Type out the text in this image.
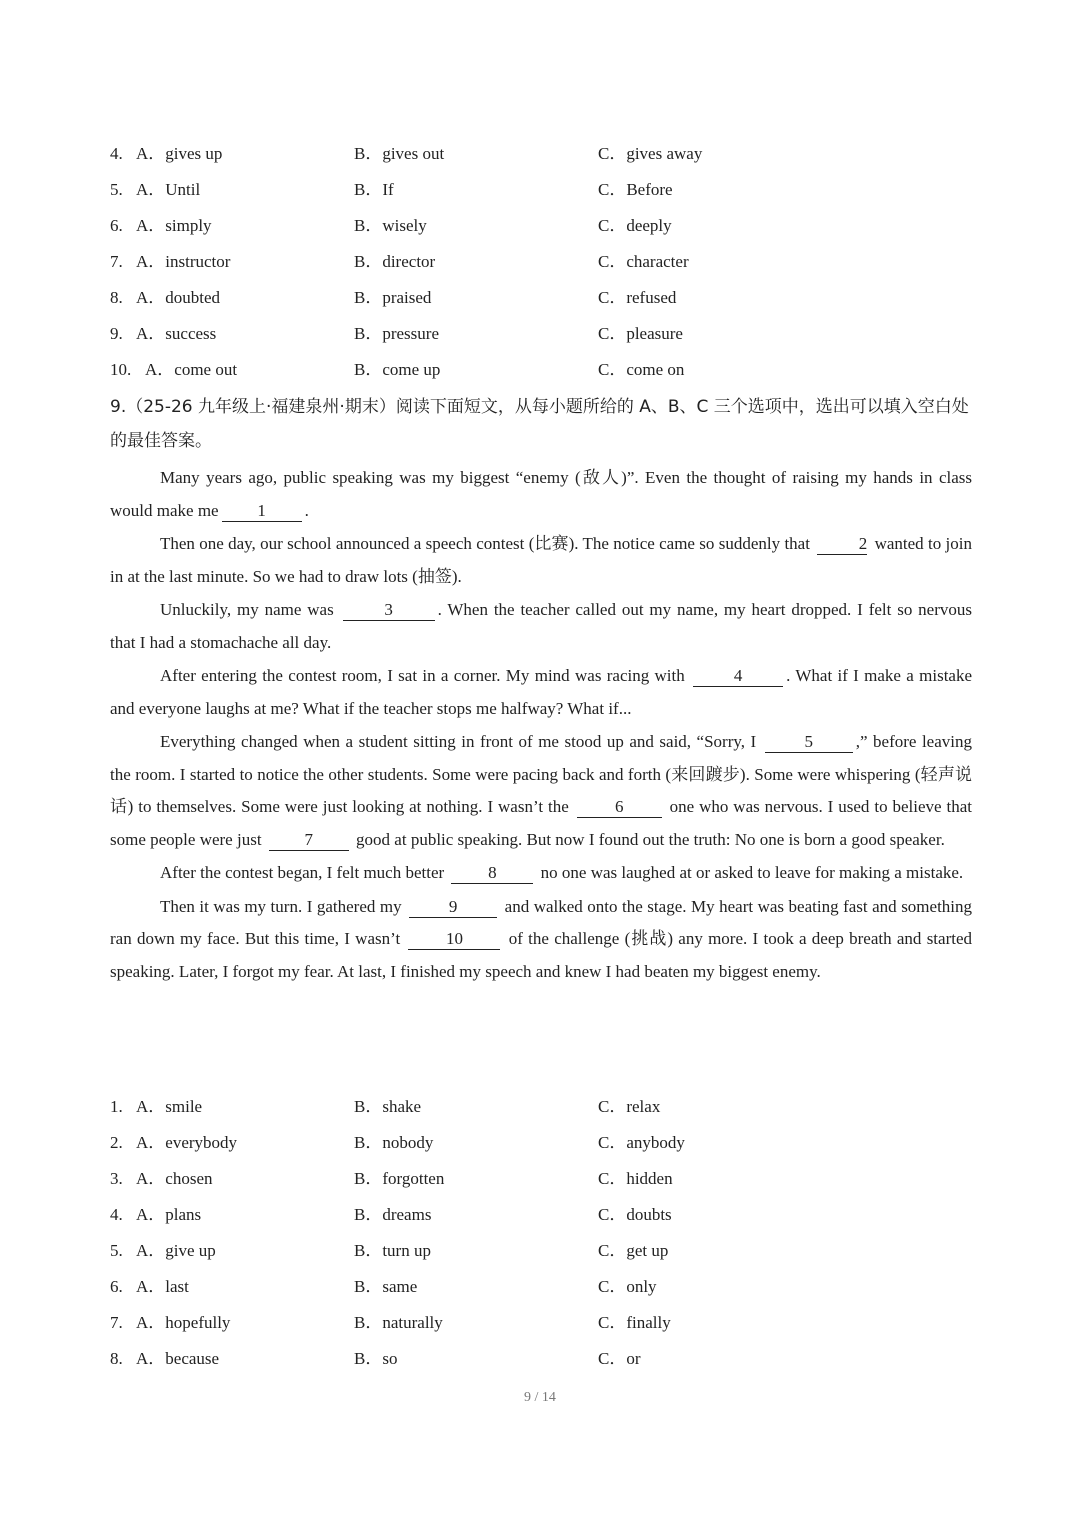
4. A．gives up	B．gives out	C．gives away
5. A．Until	B．If	C．Before
6. A．simply	B．wisely	C．deeply
7. A．instructor	B．director	C．character
8. A．doubted	B．praised	C．refused
9. A．success	B．pressure	C．pleasure
10. A．come out	B．come up	C．come on
9.（25-26 九年级上·福建泉州·期末）阅读下面短文，从每小题所给的 A、B、C 三个选项中，选出可以填入空白处的最佳答案。

Many years ago, public speaking was my biggest “enemy (敌人)”. Even the thought of raising my hands in class would make me 1 .

Then one day, our school announced a speech contest (比赛). The notice came so suddenly that	2 wanted to join in at the last minute. So we had to draw lots (抽签).

Unluckily, my name was	3	. When the teacher called out my name, my heart dropped. I felt so nervous that I had a stomachache all day.

After entering the contest room, I sat in a corner. My mind was racing with	4	. What if I make a mistake and everyone laughs at me? What if the teacher stops me halfway? What if...

Everything changed when a student sitting in front of me stood up and said, “Sorry, I	5	,” before leaving the room. I started to notice the other students. Some were pacing back and forth (来回踱步). Some were whispering (轻声说话) to themselves. Some were just looking at nothing. I wasn’t the	6	one who was nervous. I used to believe that some people were just	7	good at public speaking. But now I found out the truth: No one is born a good speaker.

After the contest began, I felt much better	8	no one was laughed at or asked to leave for making a mistake.

Then it was my turn. I gathered my	9	and walked onto the stage. My heart was beating fast and something ran down my face. But this time, I wasn’t	10	of the challenge (挑战) any more. I took a deep breath and started speaking. Later, I forgot my fear. At last, I finished my speech and knew I had beaten my biggest enemy.

1. A．smile	B．shake	C．relax
2. A．everybody	B．nobody	C．anybody
3. A．chosen	B．forgotten	C．hidden
4. A．plans	B．dreams	C．doubts
5. A．give up	B．turn up	C．get up
6. A．last	B．same	C．only
7. A．hopefully	B．naturally	C．finally
8. A．because	B．so	C．or
9 / 14
